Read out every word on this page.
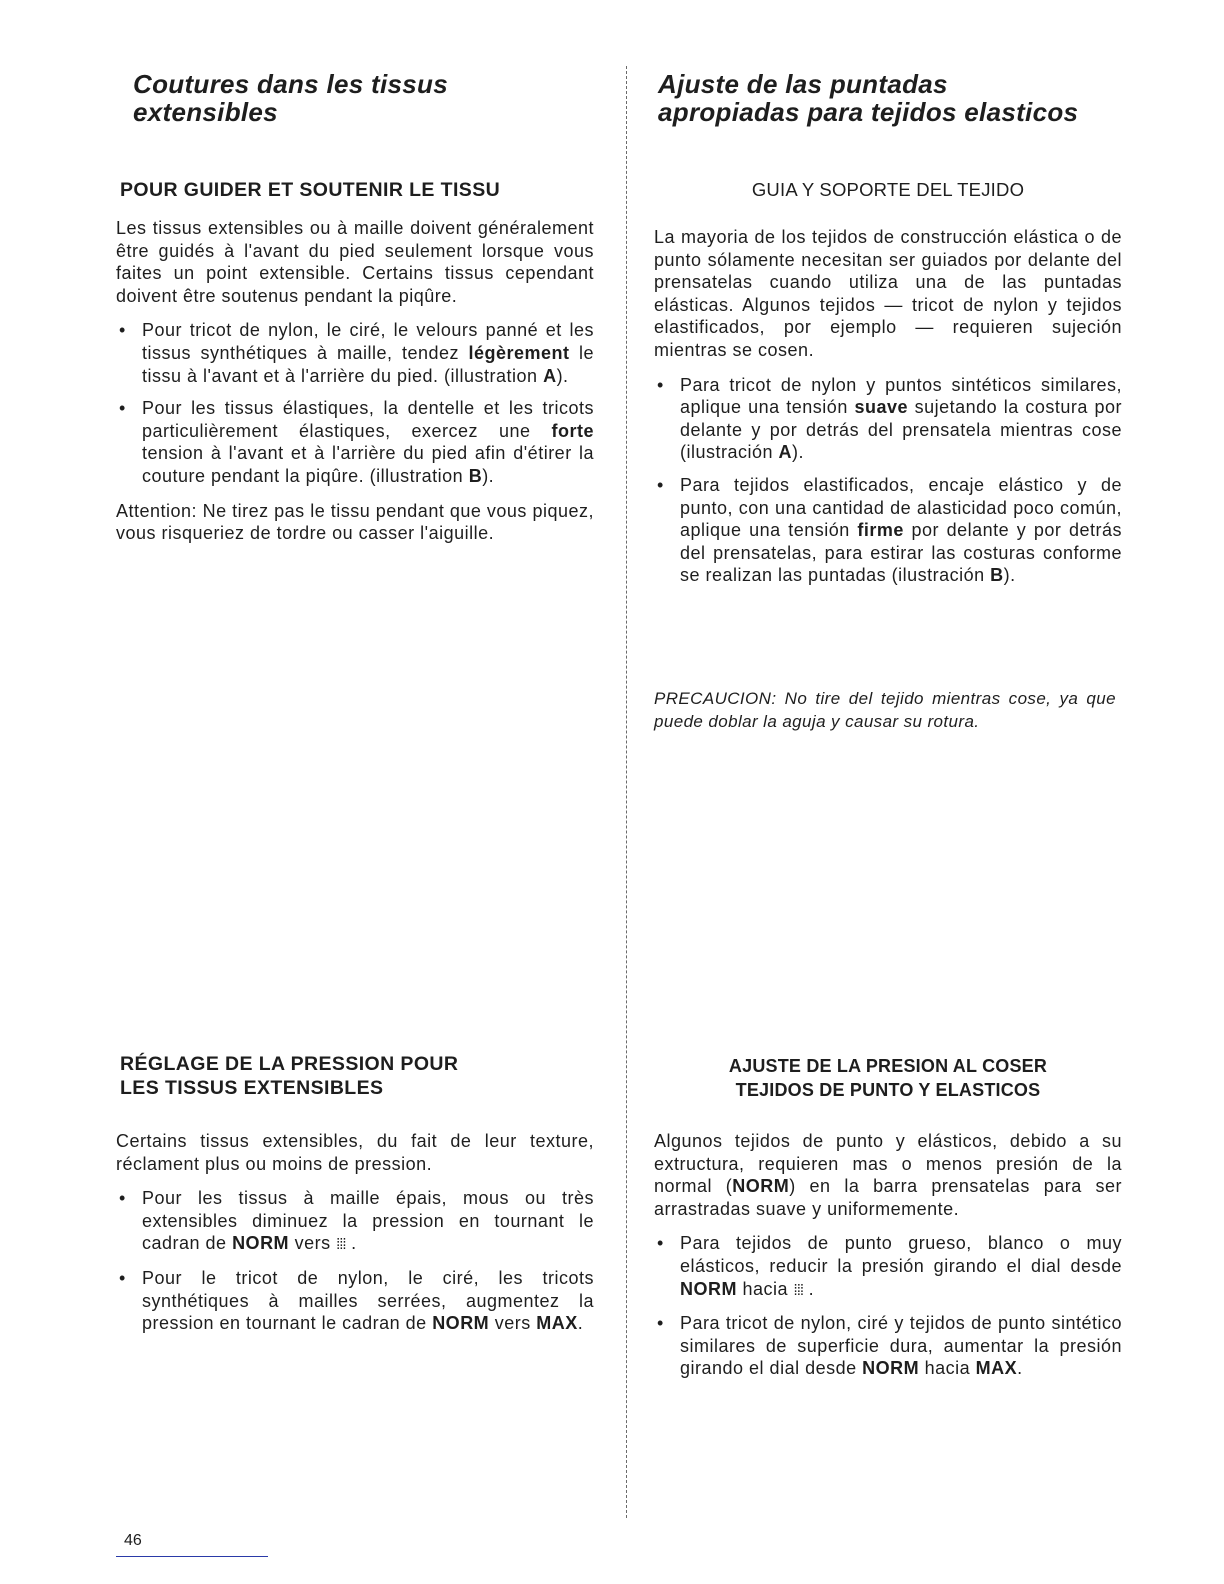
Coutures dans les tissus
extensibles
POUR GUIDER ET SOUTENIR LE TISSU

Les tissus extensibles ou à maille doivent généralement être guidés à l'avant du pied seulement lorsque vous faites un point extensible. Certains tissus cependant doivent être soutenus pendant la piqûre.

• Pour tricot de nylon, le ciré, le velours panné et les tissus synthétiques à maille, tendez légèrement le tissu à l'avant et à l'arrière du pied. (illustration A).
• Pour les tissus élastiques, la dentelle et les tricots particulièrement élastiques, exercez une forte tension à l'avant et à l'arrière du pied afin d'étirer la couture pendant la piqûre. (illustration B).

Attention: Ne tirez pas le tissu pendant que vous piquez, vous risqueriez de tordre ou casser l'aiguille.

RÉGLAGE DE LA PRESSION POUR
LES TISSUS EXTENSIBLES

Certains tissus extensibles, du fait de leur texture, réclament plus ou moins de pression.

• Pour les tissus à maille épais, mous ou très extensibles diminuez la pression en tournant le cadran de NORM vers ⁞⁞⁞ .
• Pour le tricot de nylon, le ciré, les tricots synthétiques à mailles serrées, augmentez la pression en tournant le cadran de NORM vers MAX.
Ajuste de las puntadas
apropiadas para tejidos elasticos
GUIA Y SOPORTE DEL TEJIDO

La mayoria de los tejidos de construcción elástica o de punto sólamente necesitan ser guiados por delante del prensatelas cuando utiliza una de las puntadas elásticas. Algunos tejidos — tricot de nylon y tejidos elastificados, por ejemplo — requieren sujeción mientras se cosen.

• Para tricot de nylon y puntos sintéticos similares, aplique una tensión suave sujetando la costura por delante y por detrás del prensatela mientras cose (ilustración A).
• Para tejidos elastificados, encaje elástico y de punto, con una cantidad de alasticidad poco común, aplique una tensión firme por delante y por detrás del prensatelas, para estirar las costuras conforme se realizan las puntadas (ilustración B).

PRECAUCION: No tire del tejido mientras cose, ya que puede doblar la aguja y causar su rotura.

AJUSTE DE LA PRESION AL COSER
TEJIDOS DE PUNTO Y ELASTICOS

Algunos tejidos de punto y elásticos, debido a su extructura, requieren mas o menos presión de la normal (NORM) en la barra prensatelas para ser arrastradas suave y uniformemente.

• Para tejidos de punto grueso, blanco o muy elásticos, reducir la presión girando el dial desde NORM hacia ⁞⁞⁞ .
• Para tricot de nylon, ciré y tejidos de punto sintético similares de superficie dura, aumentar la presión girando el dial desde NORM hacia MAX.
46
